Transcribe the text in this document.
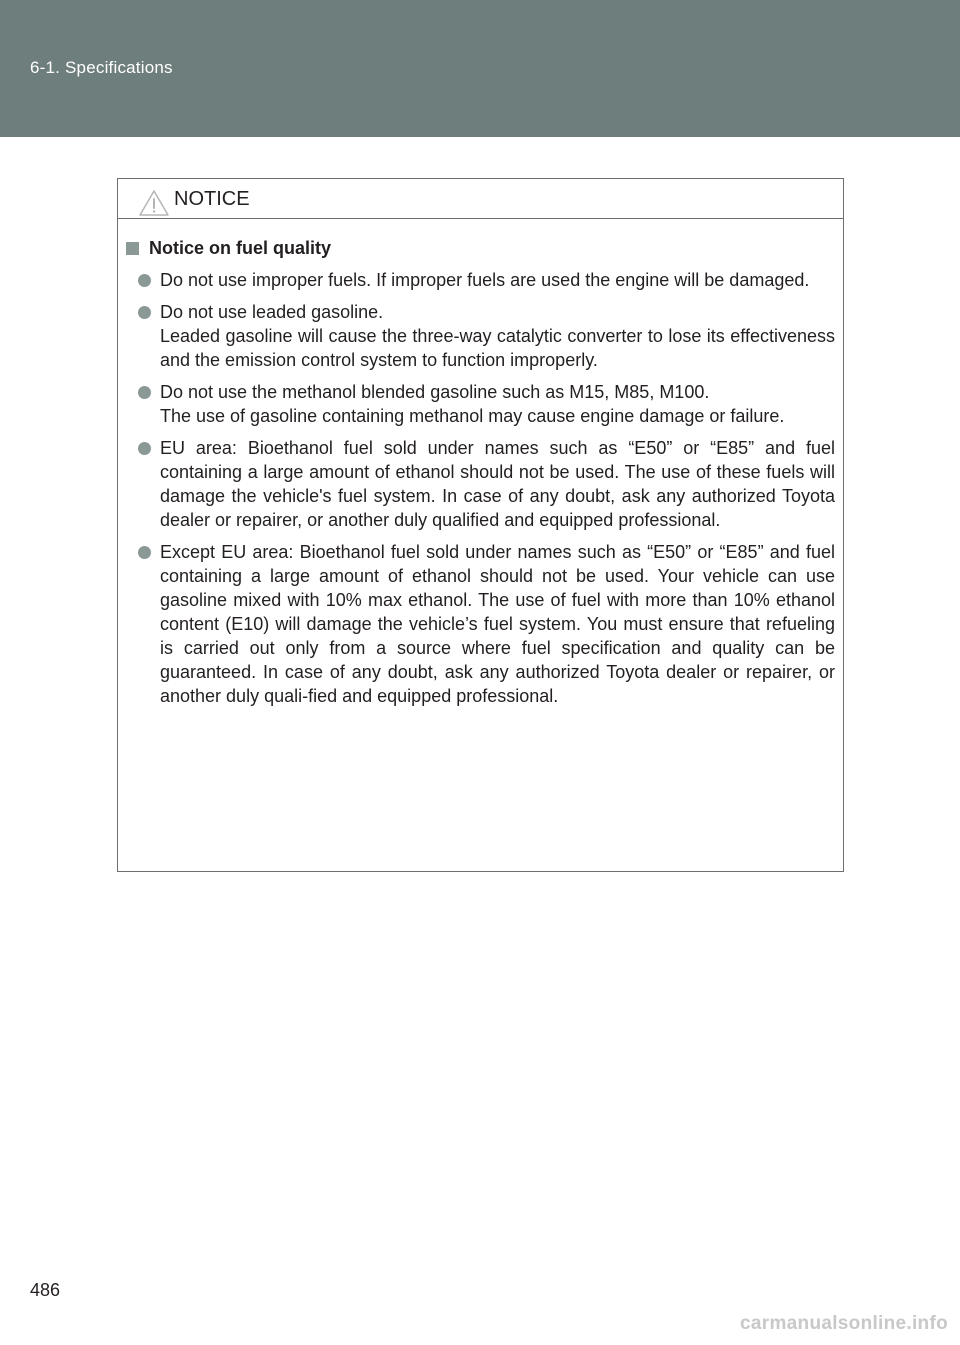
6-1. Specifications
NOTICE
Notice on fuel quality

Do not use improper fuels. If improper fuels are used the engine will be damaged.

Do not use leaded gasoline.

Leaded gasoline will cause the three-way catalytic converter to lose its effectiveness and the emission control system to function improperly.

Do not use the methanol blended gasoline such as M15, M85, M100.

The use of gasoline containing methanol may cause engine damage or failure.

EU area: Bioethanol fuel sold under names such as “E50” or “E85” and fuel containing a large amount of ethanol should not be used. The use of these fuels will damage the vehicle's fuel system. In case of any doubt, ask any authorized Toyota dealer or repairer, or another duly qualified and equipped professional.

Except EU area: Bioethanol fuel sold under names such as “E50” or “E85” and fuel containing a large amount of ethanol should not be used. Your vehicle can use gasoline mixed with 10% max ethanol. The use of fuel with more than 10% ethanol content (E10) will damage the vehicle’s fuel system. You must ensure that refueling is carried out only from a source where fuel specification and quality can be guaranteed. In case of any doubt, ask any authorized Toyota dealer or repairer, or another duly quali-fied and equipped professional.

486
carmanualsonline.info
